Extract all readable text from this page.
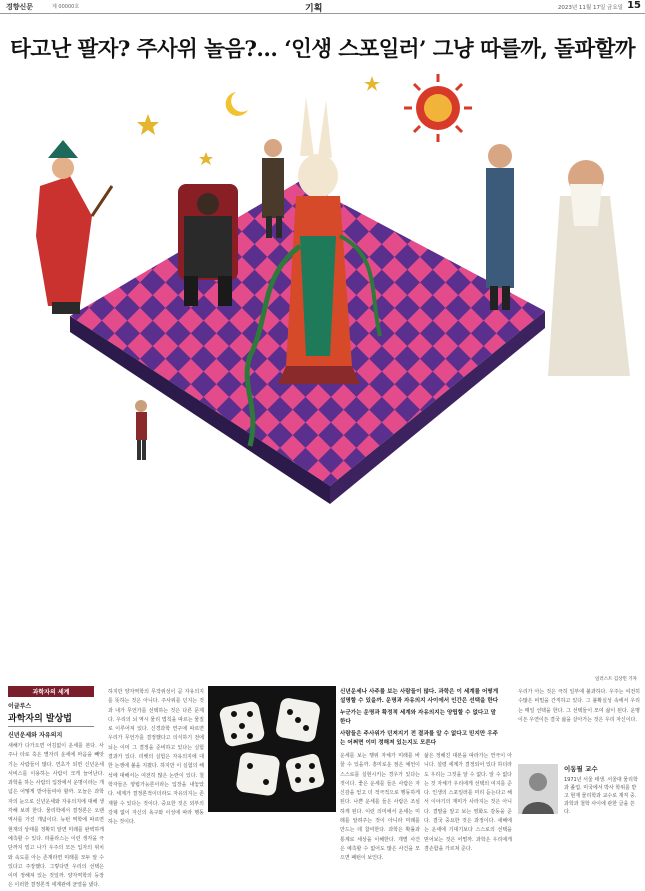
경향신문	제 00000호	기획	2023년 11월 17일 금요일 15
타고난 팔자? 주사위 놀음?… ‘인생 스포일러’ 그냥 따를까, 돌파할까
일러스트 김상민 기자
과학자의 세계
이글루스
과학자의 발상법
신년운세와 자유의지

새해가 다가오면 어김없이 운세를 본다. 사주나 타로 혹은 별자리 운세에 마음을 빼앗기는 사람들이 많다. 연초가 되면 신년운세 서비스를 이용하는 사람이 크게 늘어난다. 과학을 하는 사람의 입장에서 운명이라는 개념은 어떻게 받아들여야 할까. 오늘은 과학자의 눈으로 신년운세와 자유의지에 대해 생각해 보려 한다. 물리학에서 결정론은 오랜 역사를 가진 개념이다. 뉴턴 역학에 따르면 현재의 상태를 정확히 알면 미래를 완벽하게 예측할 수 있다. 라플라스는 이런 생각을 극단까지 밀고 나가 우주의 모든 입자의 위치와 속도를 아는 존재라면 미래를 모두 알 수 있다고 주장했다. 그렇다면 우리의 선택은 이미 정해져 있는 것일까. 양자역학의 등장은 이러한 결정론적 세계관에 균열을 냈다.

하지만 양자역학의 무작위성이 곧 자유의지를 뜻하는 것은 아니다. 주사위를 던지는 것과 내가 무언가를 선택하는 것은 다른 문제다. 우리의 뇌 역시 물리 법칙을 따르는 물질로 이루어져 있다. 신경과학 연구에 따르면 우리가 무언가를 결정했다고 의식하기 전에 뇌는 이미 그 결정을 준비하고 있다는 실험 결과가 있다. 리벳의 실험은 자유의지에 대한 논쟁에 불을 지폈다. 하지만 이 실험의 해석에 대해서는 여전히 많은 논란이 있다. 철학자들은 양립가능론이라는 입장을 내놓았다. 세계가 결정론적이더라도 자유의지는 존재할 수 있다는 것이다. 중요한 것은 외부의 강제 없이 자신의 욕구와 이성에 따라 행동하는 것이다.

신년운세나 사주를 보는 사람들이 많다. 과학은 이 세계를 어떻게 설명할 수 있을까. 운명과 자유의지 사이에서 인간은 선택을 한다

누군가는 운명과 확정적 세계와 자유의지는 양립할 수 없다고 말한다

사람들은 주사위가 던져지기 전 결과를 알 수 없다고 믿지만 우주는 어쩌면 이미 정해져 있는지도 모른다

운세를 보는 행위 자체가 미래를 바꿀 수 있을까. 흥미로운 점은 예언이 스스로를 실현시키는 경우가 있다는 것이다. 좋은 운세를 들은 사람은 자신감을 얻고 더 적극적으로 행동하게 된다. 나쁜 운세를 들은 사람은 조심하게 된다. 이런 의미에서 운세는 미래를 알려주는 것이 아니라 미래를 만드는 데 참여한다. 과학은 확률과 통계로 세상을 이해한다. 개별 사건은 예측할 수 없어도 많은 사건을 모으면 패턴이 보인다.

삶은 정해진 대본을 따라가는 연극이 아니다. 설령 세계가 결정되어 있다 하더라도 우리는 그것을 알 수 없다. 알 수 없다는 것 자체가 우리에게 선택의 여지를 준다. 인생의 스포일러를 미리 듣는다고 해서 이야기의 재미가 사라지는 것은 아니다. 결말을 알고 보는 영화도 감동을 준다. 결국 중요한 것은 과정이다. 새해에는 운세에 기대기보다 스스로의 선택을 믿어보는 것은 어떨까. 과학은 우리에게 겸손함을 가르쳐 준다.

우리가 아는 것은 극히 일부에 불과하다. 우주는 여전히 수많은 비밀을 간직하고 있다. 그 불확실성 속에서 우리는 매일 선택을 한다. 그 선택들이 모여 삶이 된다. 운명이든 우연이든 결국 삶을 살아가는 것은 우리 자신이다.

이동필 교수
1971년 서울 태생. 서울대 물리학과 졸업. 미국에서 박사 학위를 받고 현재 물리학과 교수로 재직 중. 과학과 철학 사이에 관한 글을 쓴다.
